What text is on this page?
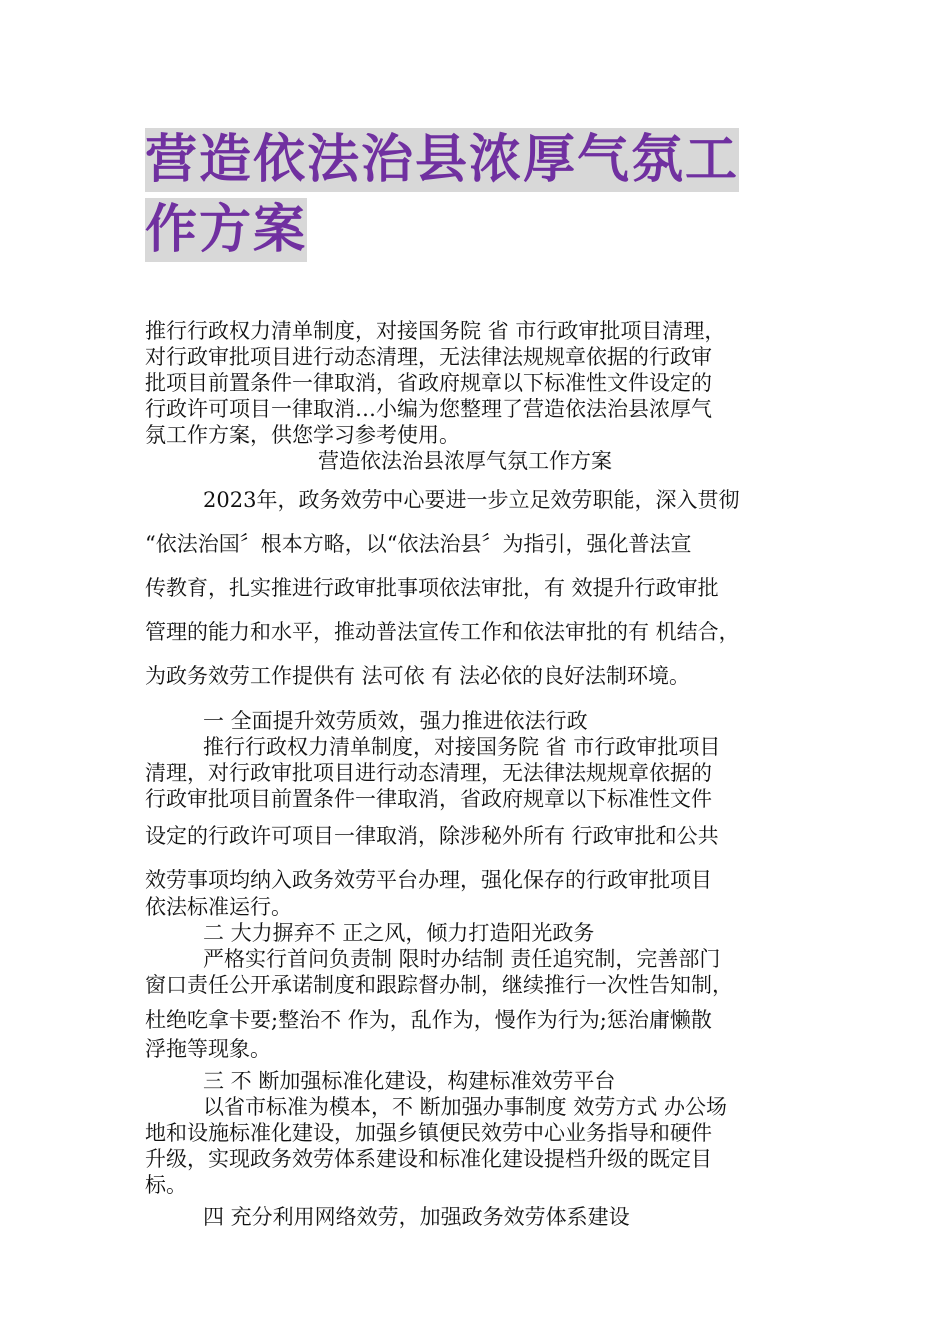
营造依法治县浓厚气氛工
作方案

推行行政权力清单制度，对接国务院 省 市行政审批项目清理，

对行政审批项目进行动态清理，无法律法规规章依据的行政审

批项目前置条件一律取消，省政府规章以下标准性文件设定的

行政许可项目一律取消…小编为您整理了营造依法治县浓厚气

氛工作方案，供您学习参考使用。

营造依法治县浓厚气氛工作方案

2023年，政务效劳中心要进一步立足效劳职能，深入贯彻

“依法治国〞根本方略，以“依法治县〞为指引，强化普法宣

传教育，扎实推进行政审批事项依法审批，有 效提升行政审批

管理的能力和水平，推动普法宣传工作和依法审批的有 机结合，

为政务效劳工作提供有 法可依 有 法必依的良好法制环境。

一 全面提升效劳质效，强力推进依法行政

推行行政权力清单制度，对接国务院 省 市行政审批项目

清理，对行政审批项目进行动态清理，无法律法规规章依据的

行政审批项目前置条件一律取消，省政府规章以下标准性文件

设定的行政许可项目一律取消，除涉秘外所有 行政审批和公共

效劳事项均纳入政务效劳平台办理，强化保存的行政审批项目

依法标准运行。

二 大力摒弃不 正之风，倾力打造阳光政务

严格实行首问负责制 限时办结制 责任追究制，完善部门

窗口责任公开承诺制度和跟踪督办制，继续推行一次性告知制，

杜绝吃拿卡要;整治不 作为，乱作为，慢作为行为;惩治庸懒散

浮拖等现象。

三 不 断加强标准化建设，构建标准效劳平台

以省市标准为模本，不 断加强办事制度 效劳方式 办公场

地和设施标准化建设，加强乡镇便民效劳中心业务指导和硬件

升级，实现政务效劳体系建设和标准化建设提档升级的既定目

标。

四 充分利用网络效劳，加强政务效劳体系建设
